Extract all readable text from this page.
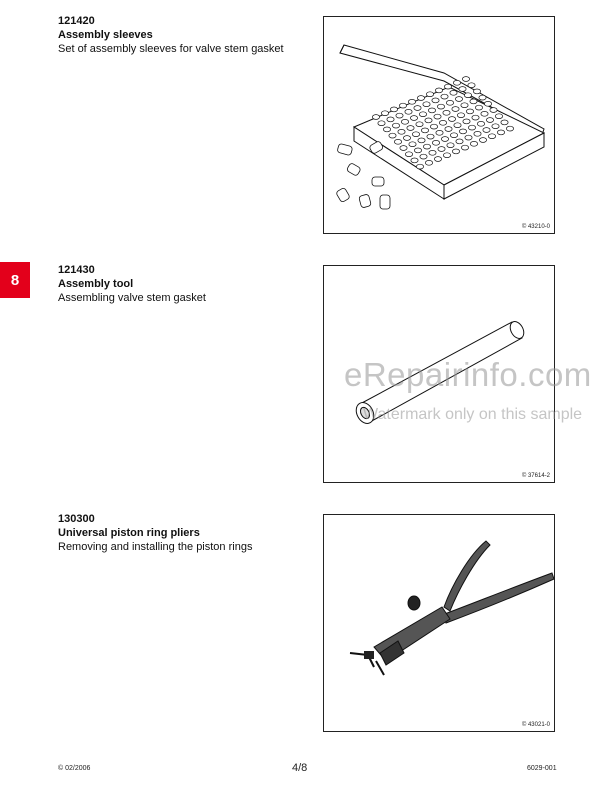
8
121420
Assembly sleeves
Set of assembly sleeves for valve stem gasket
© 43210-0
121430
Assembly tool
Assembling valve stem gasket
© 37614-2
130300
Universal piston ring pliers
Removing and installing the piston rings
© 43021-0
eRepairinfo.com
Watermark only on this sample
© 02/2006	4/8	6029-001
